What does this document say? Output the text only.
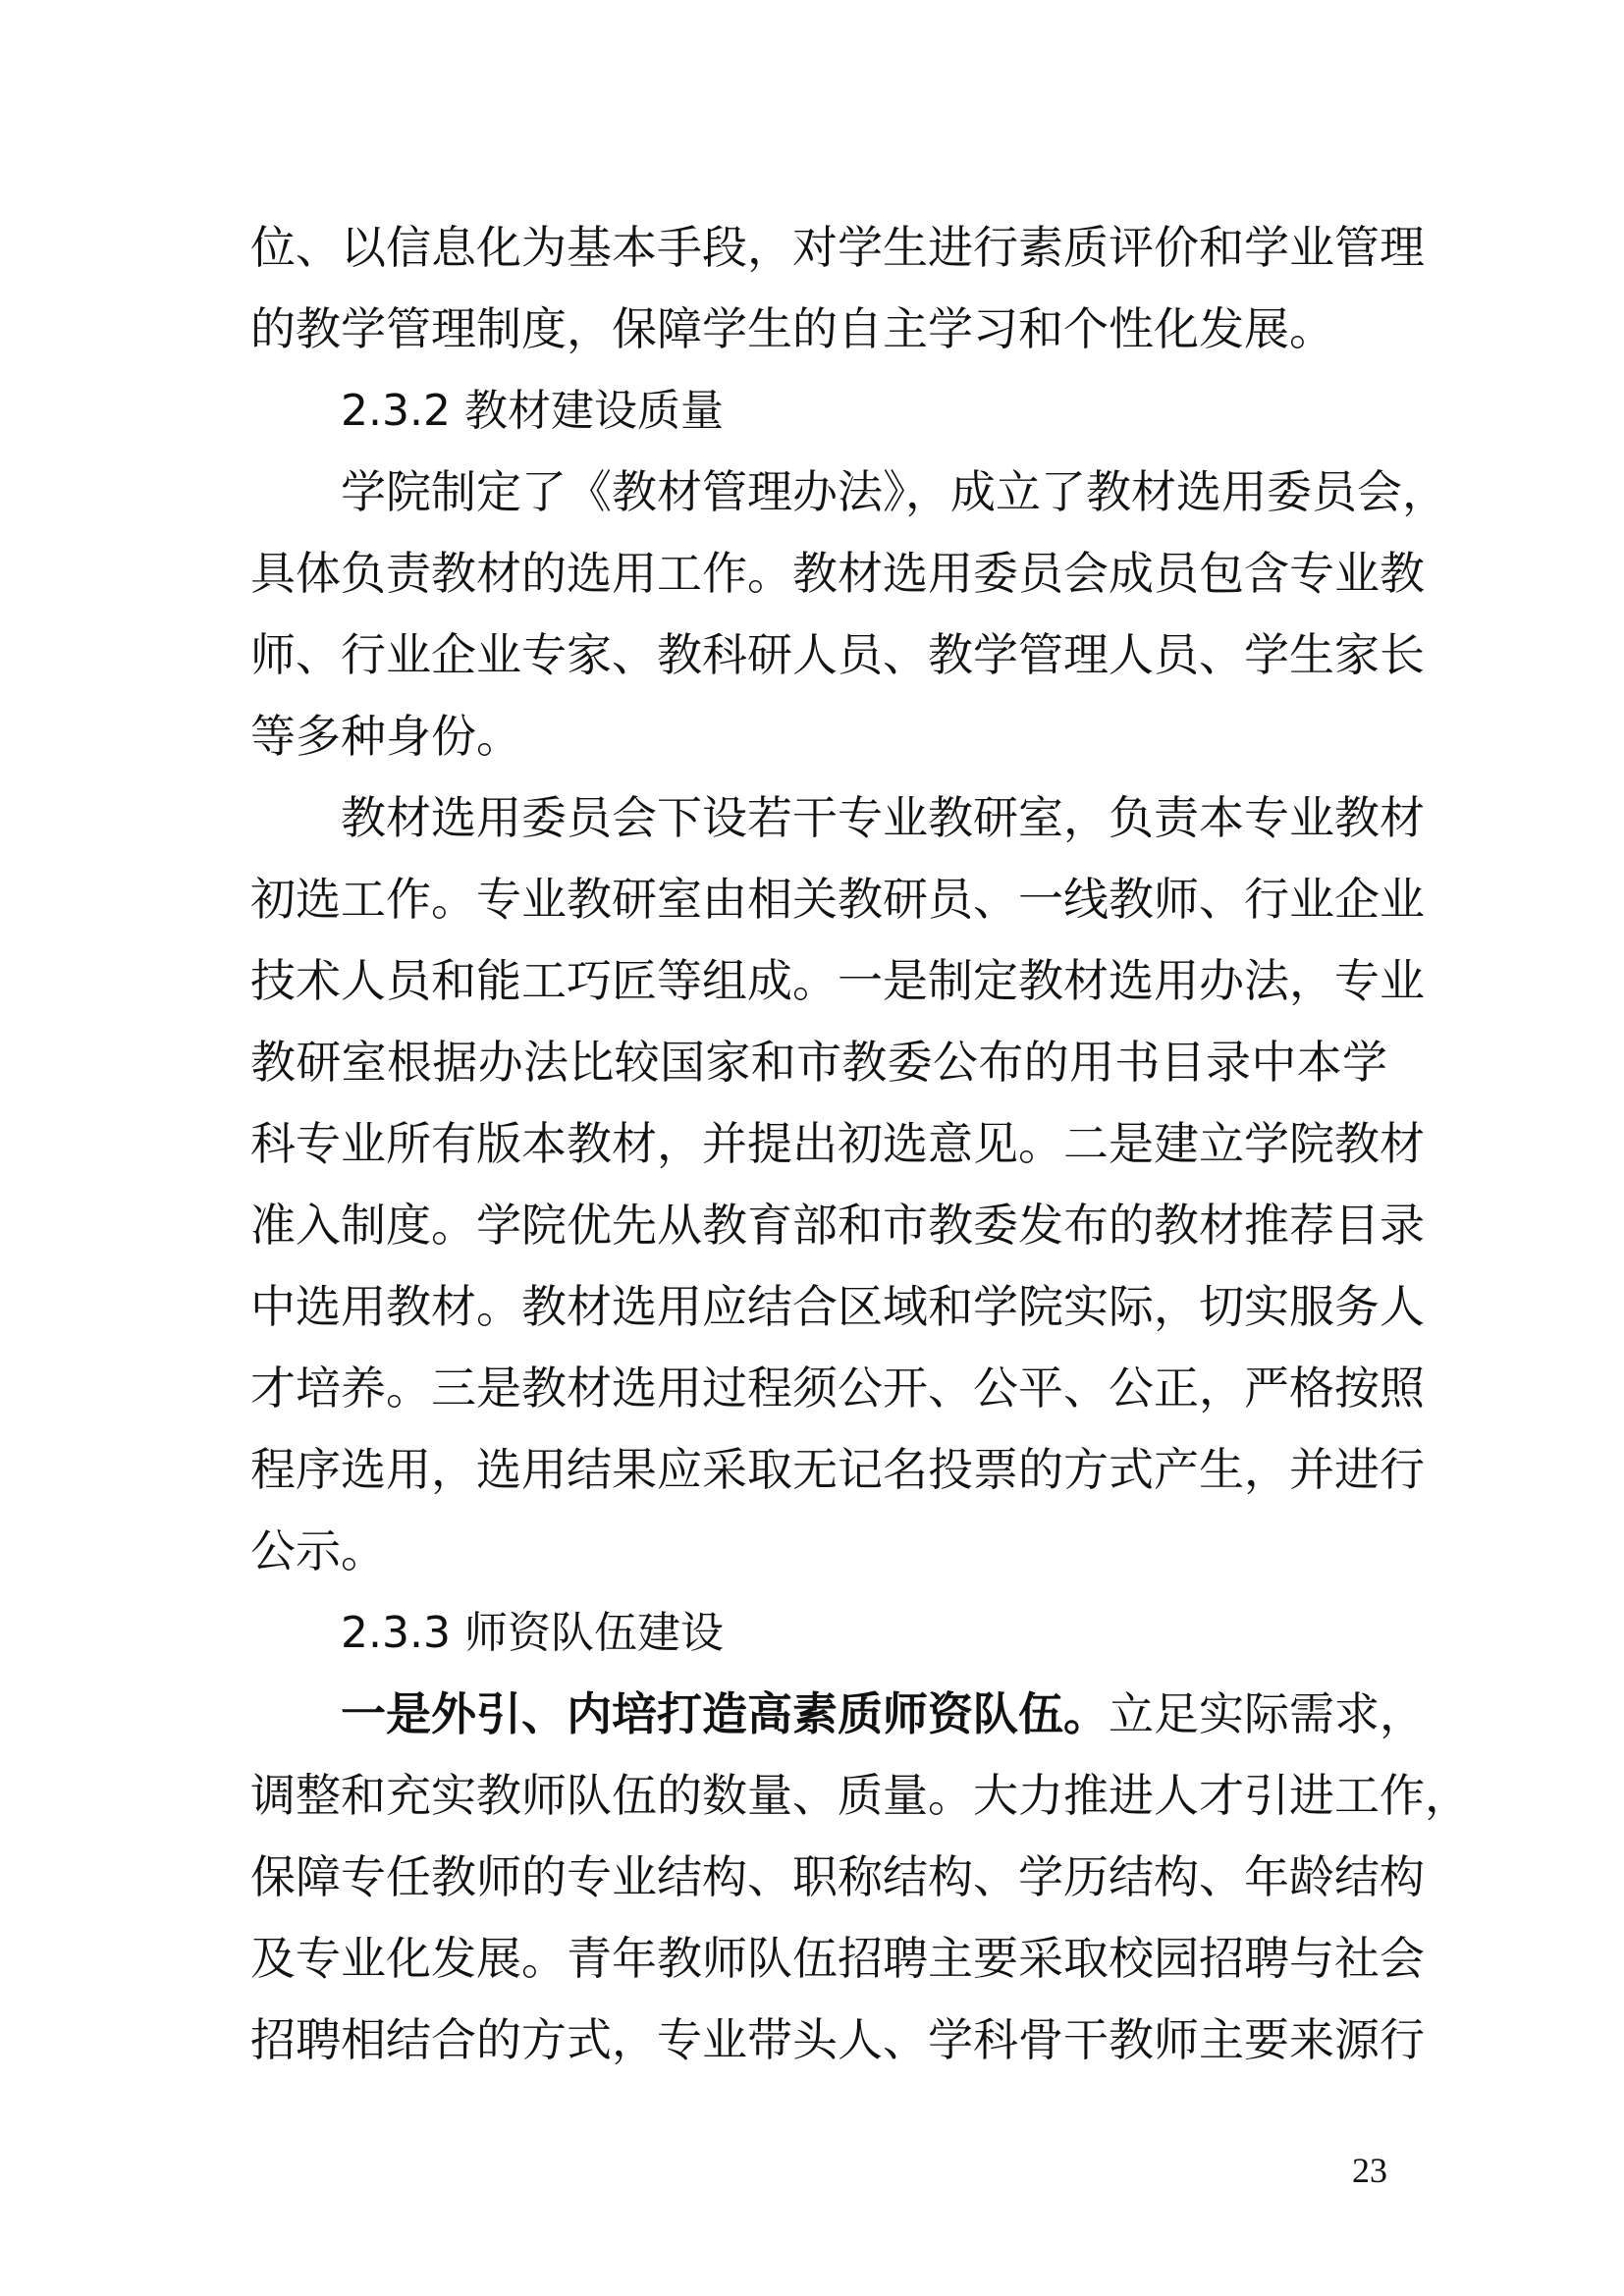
位、以信息化为基本手段，对学生进行素质评价和学业管理
的教学管理制度，保障学生的自主学习和个性化发展。
2.3.2 教材建设质量
学院制定了《教材管理办法》，成立了教材选用委员会，
具体负责教材的选用工作。教材选用委员会成员包含专业教
师、行业企业专家、教科研人员、教学管理人员、学生家长
等多种身份。
教材选用委员会下设若干专业教研室，负责本专业教材
初选工作。专业教研室由相关教研员、一线教师、行业企业
技术人员和能工巧匠等组成。一是制定教材选用办法，专业
教研室根据办法比较国家和市教委公布的用书目录中本学
科专业所有版本教材，并提出初选意见。二是建立学院教材
准入制度。学院优先从教育部和市教委发布的教材推荐目录
中选用教材。教材选用应结合区域和学院实际，切实服务人
才培养。三是教材选用过程须公开、公平、公正，严格按照
程序选用，选用结果应采取无记名投票的方式产生，并进行
公示。
2.3.3 师资队伍建设
一是外引、内培打造高素质师资队伍。立足实际需求，
调整和充实教师队伍的数量、质量。大力推进人才引进工作，
保障专任教师的专业结构、职称结构、学历结构、年龄结构
及专业化发展。青年教师队伍招聘主要采取校园招聘与社会
招聘相结合的方式，专业带头人、学科骨干教师主要来源行
23
